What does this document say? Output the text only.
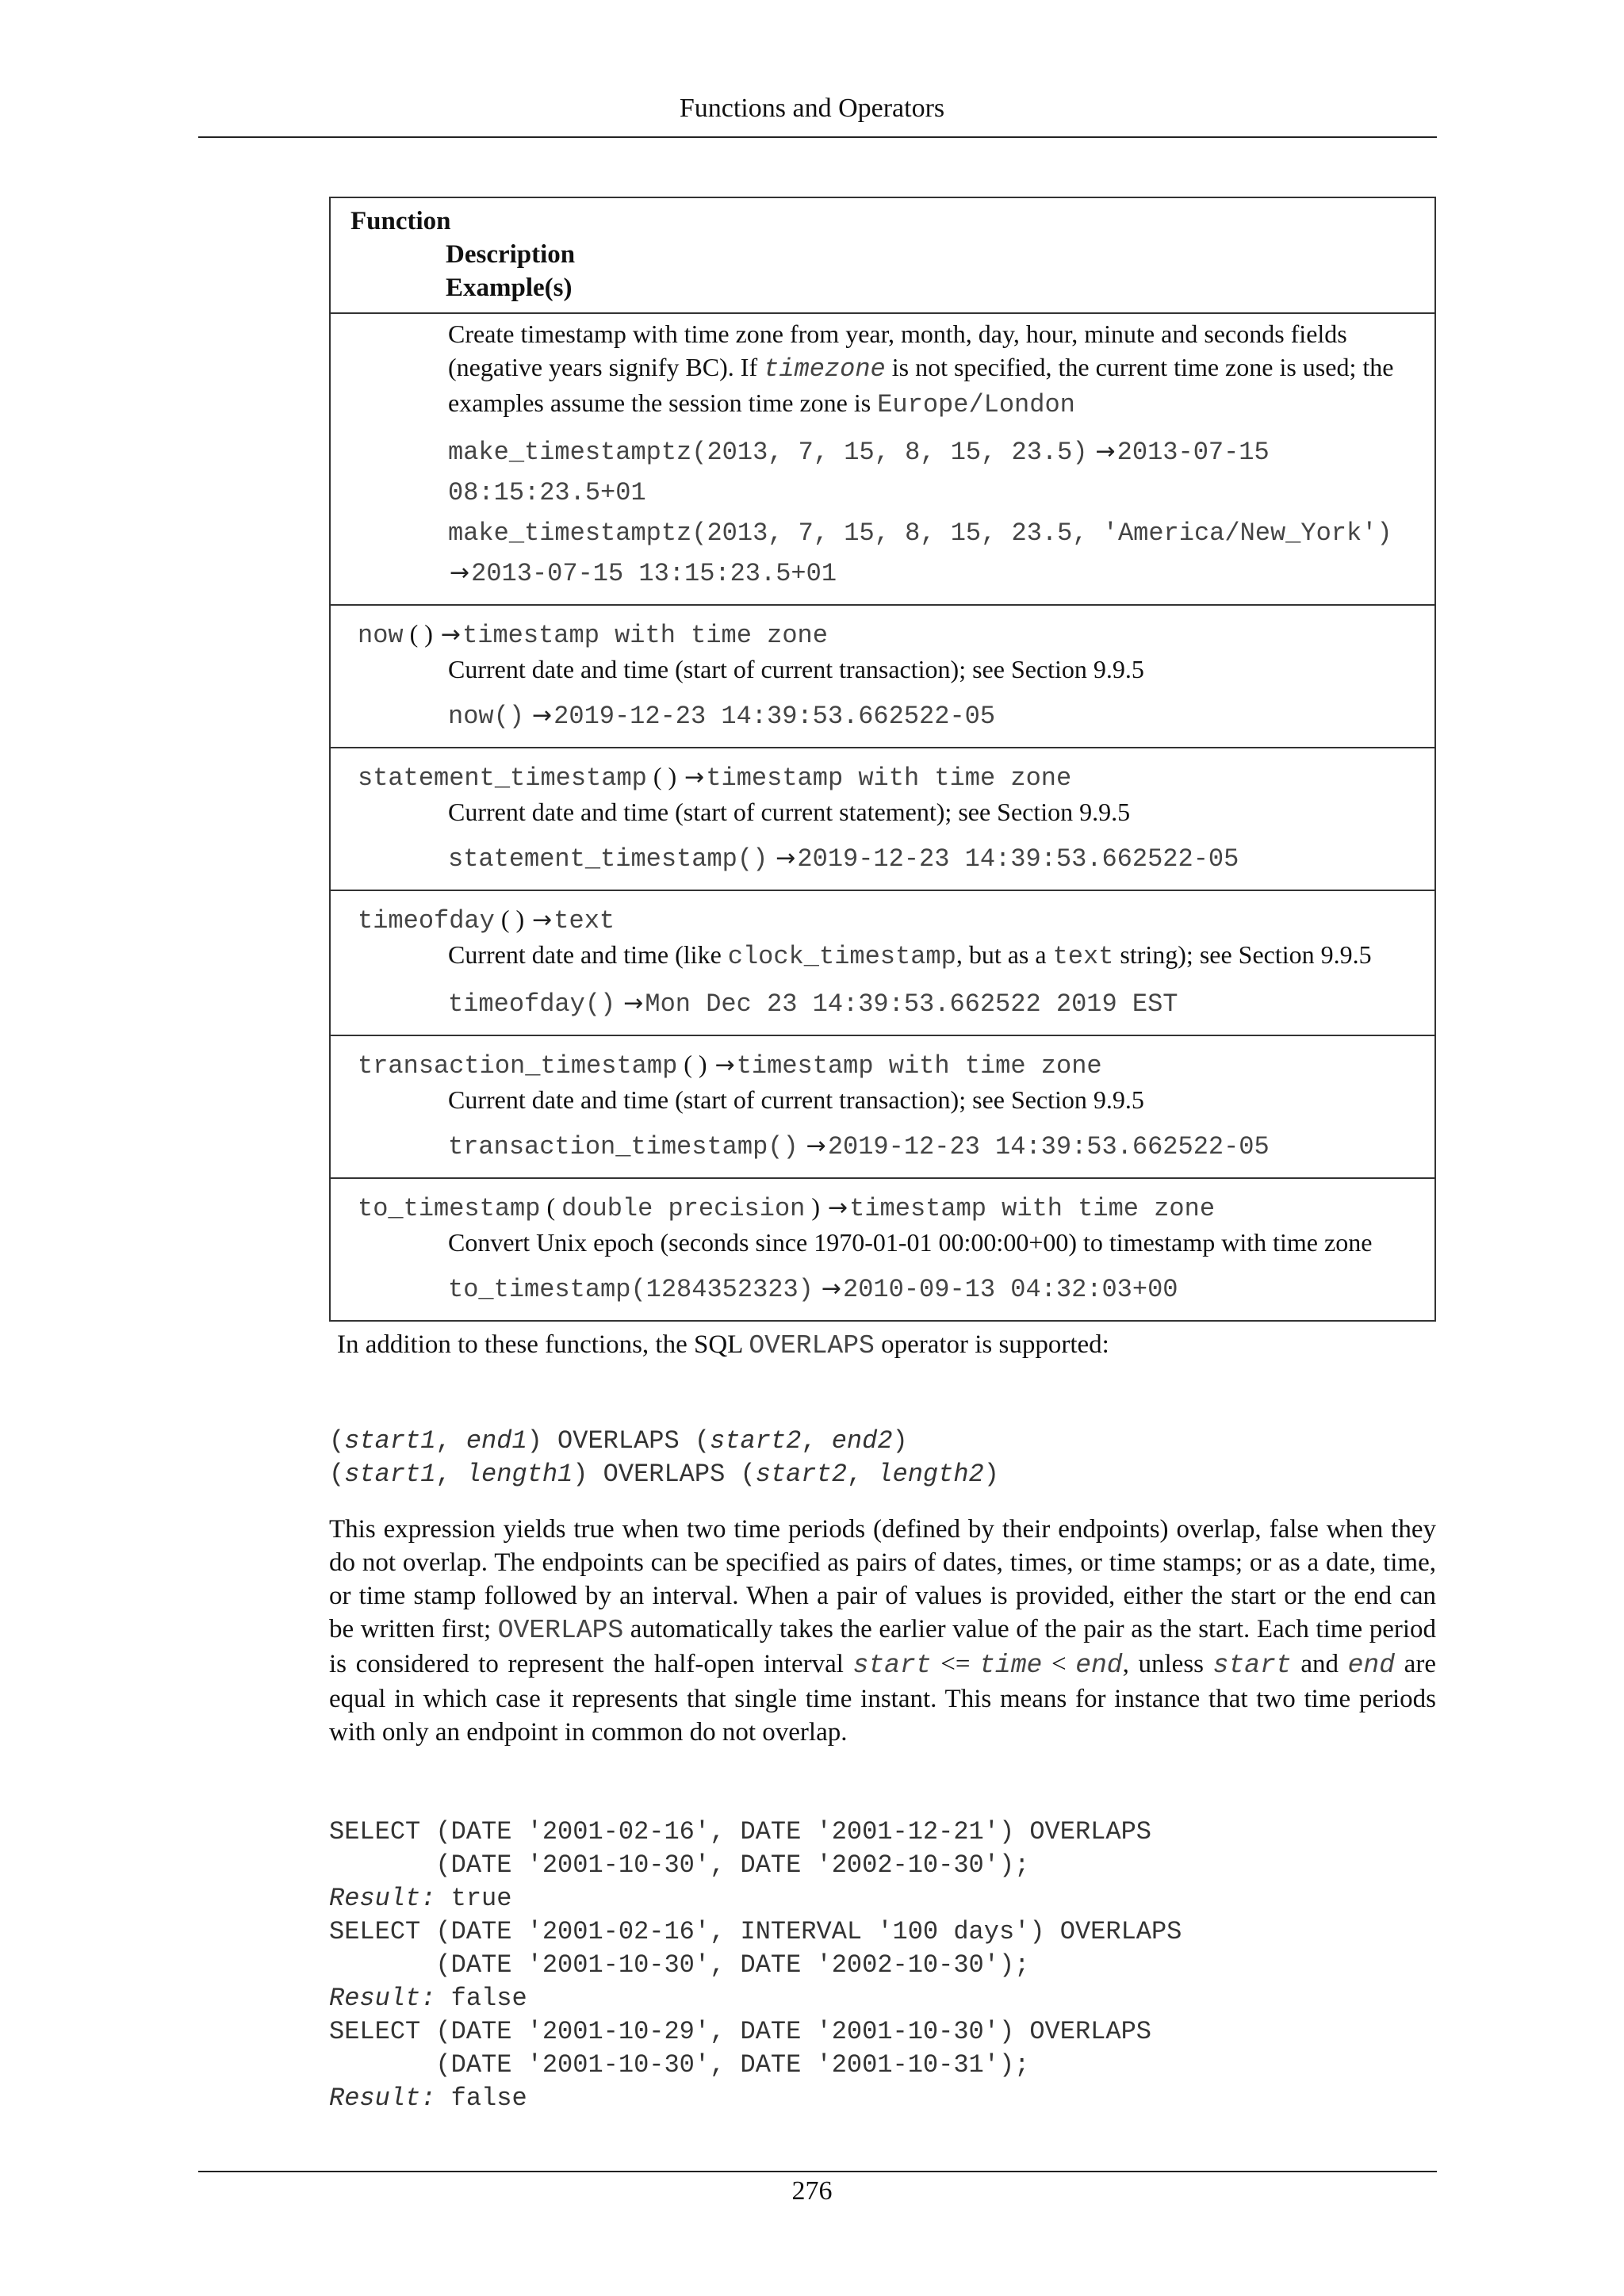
Functions and Operators
Function
Description
Example(s)
Create timestamp with time zone from year, month, day, hour, minute and seconds fields (negative years signify BC). If timezone is not specified, the current time zone is used; the examples assume the session time zone is Europe/London
make_timestamptz(2013, 7, 15, 8, 15, 23.5) →2013-07-15 08:15:23.5+01
make_timestamptz(2013, 7, 15, 8, 15, 23.5, 'America/New_York') →2013-07-15 13:15:23.5+01
now ( ) →timestamp with time zone
Current date and time (start of current transaction); see Section 9.9.5
now() →2019-12-23 14:39:53.662522-05
statement_timestamp ( ) →timestamp with time zone
Current date and time (start of current statement); see Section 9.9.5
statement_timestamp() →2019-12-23 14:39:53.662522-05
timeofday ( ) →text
Current date and time (like clock_timestamp, but as a text string); see Section 9.9.5
timeofday() →Mon Dec 23 14:39:53.662522 2019 EST
transaction_timestamp ( ) →timestamp with time zone
Current date and time (start of current transaction); see Section 9.9.5
transaction_timestamp() →2019-12-23 14:39:53.662522-05
to_timestamp ( double precision ) →timestamp with time zone
Convert Unix epoch (seconds since 1970-01-01 00:00:00+00) to timestamp with time zone
to_timestamp(1284352323) →2010-09-13 04:32:03+00
In addition to these functions, the SQL OVERLAPS operator is supported:
(start1, end1) OVERLAPS (start2, end2)
(start1, length1) OVERLAPS (start2, length2)

This expression yields true when two time periods (defined by their endpoints) overlap, false when they do not overlap. The endpoints can be specified as pairs of dates, times, or time stamps; or as a date, time, or time stamp followed by an interval. When a pair of values is provided, either the start or the end can be written first; OVERLAPS automatically takes the earlier value of the pair as the start. Each time period is considered to represent the half-open interval start <= time < end, unless start and end are equal in which case it represents that single time instant. This means for instance that two time periods with only an endpoint in common do not overlap.

SELECT (DATE '2001-02-16', DATE '2001-12-21') OVERLAPS
(DATE '2001-10-30', DATE '2002-10-30');
Result: true
SELECT (DATE '2001-02-16', INTERVAL '100 days') OVERLAPS
(DATE '2001-10-30', DATE '2002-10-30');
Result: false
SELECT (DATE '2001-10-29', DATE '2001-10-30') OVERLAPS
(DATE '2001-10-30', DATE '2001-10-31');
Result: false
276
